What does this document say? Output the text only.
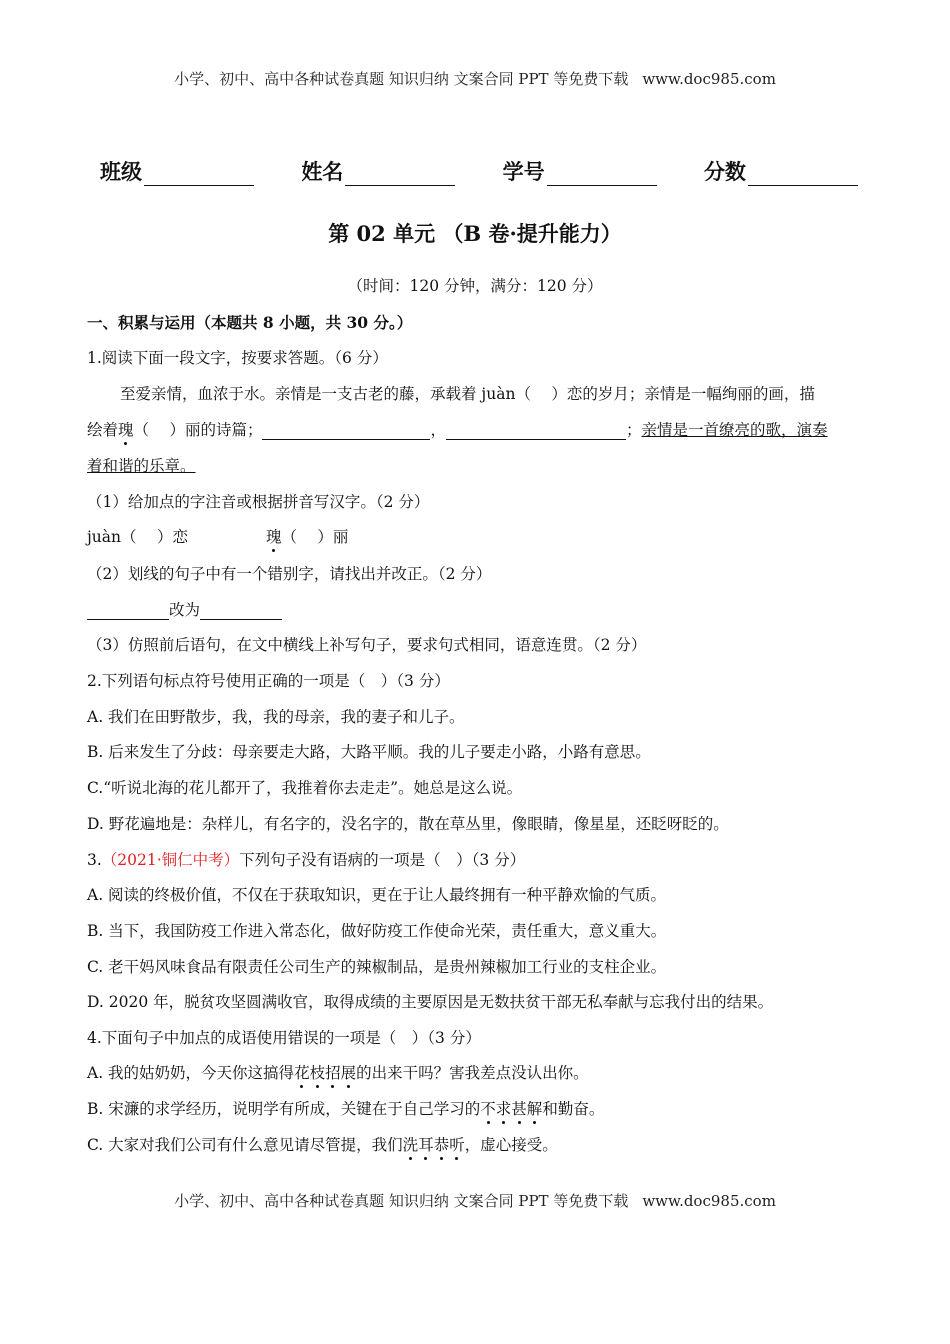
小学、初中、高中各种试卷真题 知识归纳 文案合同 PPT 等免费下载 www.doc985.com
班级	姓名	学号	分数
第 02 单元 （B 卷·提升能力）
（时间：120 分钟，满分：120 分）
一、积累与运用（本题共 8 小题，共 30 分。）
1.阅读下面一段文字，按要求答题。（6 分）
至爱亲情，血浓于水。亲情是一支古老的藤，承载着 juàn（　 ）恋的岁月；亲情是一幅绚丽的画，描
绘着瑰（　 ）丽的诗篇；	，	；亲情是一首缭亮的歌，演奏
着和谐的乐章。
（1）给加点的字注音或根据拼音写汉字。（2 分）
juàn（　 ）恋	瑰（　 ）丽
（2）划线的句子中有一个错别字，请找出并改正。（2 分）
改为
（3）仿照前后语句，在文中横线上补写句子，要求句式相同，语意连贯。（2 分）
2.下列语句标点符号使用正确的一项是（　）（3 分）
A. 我们在田野散步，我，我的母亲，我的妻子和儿子。
B. 后来发生了分歧：母亲要走大路，大路平顺。我的儿子要走小路，小路有意思。
C.“听说北海的花儿都开了，我推着你去走走”。她总是这么说。
D. 野花遍地是：杂样儿，有名字的，没名字的，散在草丛里，像眼睛，像星星，还眨呀眨的。
3.（2021·铜仁中考）下列句子没有语病的一项是（　）（3 分）
A. 阅读的终极价值，不仅在于获取知识，更在于让人最终拥有一种平静欢愉的气质。
B. 当下，我国防疫工作进入常态化，做好防疫工作使命光荣，责任重大，意义重大。
C. 老干妈风味食品有限责任公司生产的辣椒制品，是贵州辣椒加工行业的支柱企业。
D. 2020 年，脱贫攻坚圆满收官，取得成绩的主要原因是无数扶贫干部无私奉献与忘我付出的结果。
4.下面句子中加点的成语使用错误的一项是（　）（3 分）
A. 我的姑奶奶，今天你这搞得花枝招展的出来干吗？害我差点没认出你。
B. 宋濂的求学经历，说明学有所成，关键在于自己学习的不求甚解和勤奋。
C. 大家对我们公司有什么意见请尽管提，我们洗耳恭听，虚心接受。
小学、初中、高中各种试卷真题 知识归纳 文案合同 PPT 等免费下载 www.doc985.com
